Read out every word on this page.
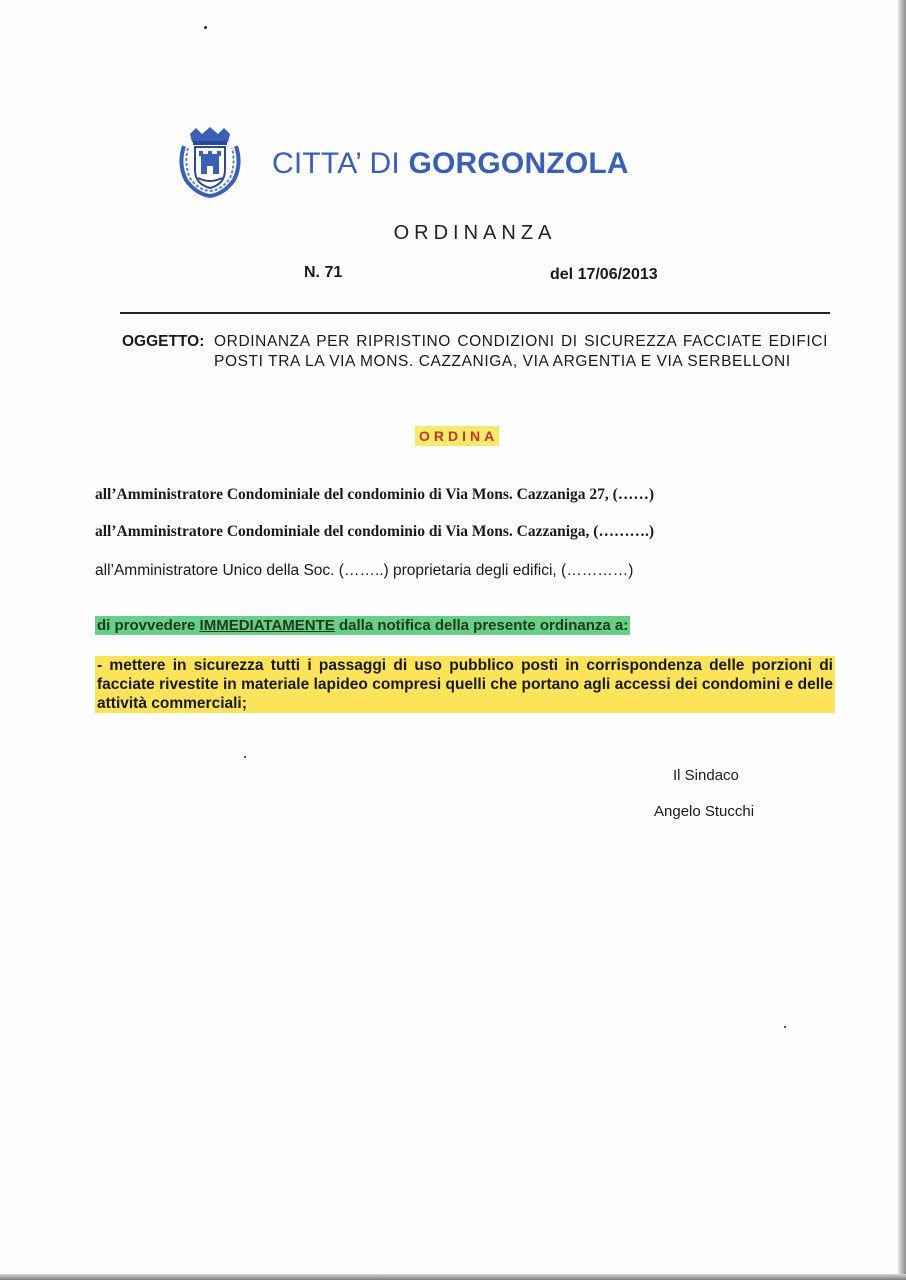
CITTA’ DI GORGONZOLA
ORDINANZA
N. 71	del 17/06/2013
OGGETTO: ORDINANZA PER RIPRISTINO CONDIZIONI DI SICUREZZA FACCIATE EDIFICI POSTI TRA LA VIA MONS. CAZZANIGA, VIA ARGENTIA E VIA SERBELLONI
ORDINA
all’Amministratore Condominiale del condominio di Via Mons. Cazzaniga 27, (……)
all’Amministratore Condominiale del condominio di Via Mons. Cazzaniga, (……….)
all’Amministratore Unico della Soc. (……..) proprietaria degli edifici, (…………)
di provvedere IMMEDIATAMENTE dalla notifica della presente ordinanza a:
- mettere in sicurezza tutti i passaggi di uso pubblico posti in corrispondenza delle porzioni di facciate rivestite in materiale lapideo compresi quelli che portano agli accessi dei condomini e delle attività commerciali;
Il Sindaco
Angelo Stucchi
